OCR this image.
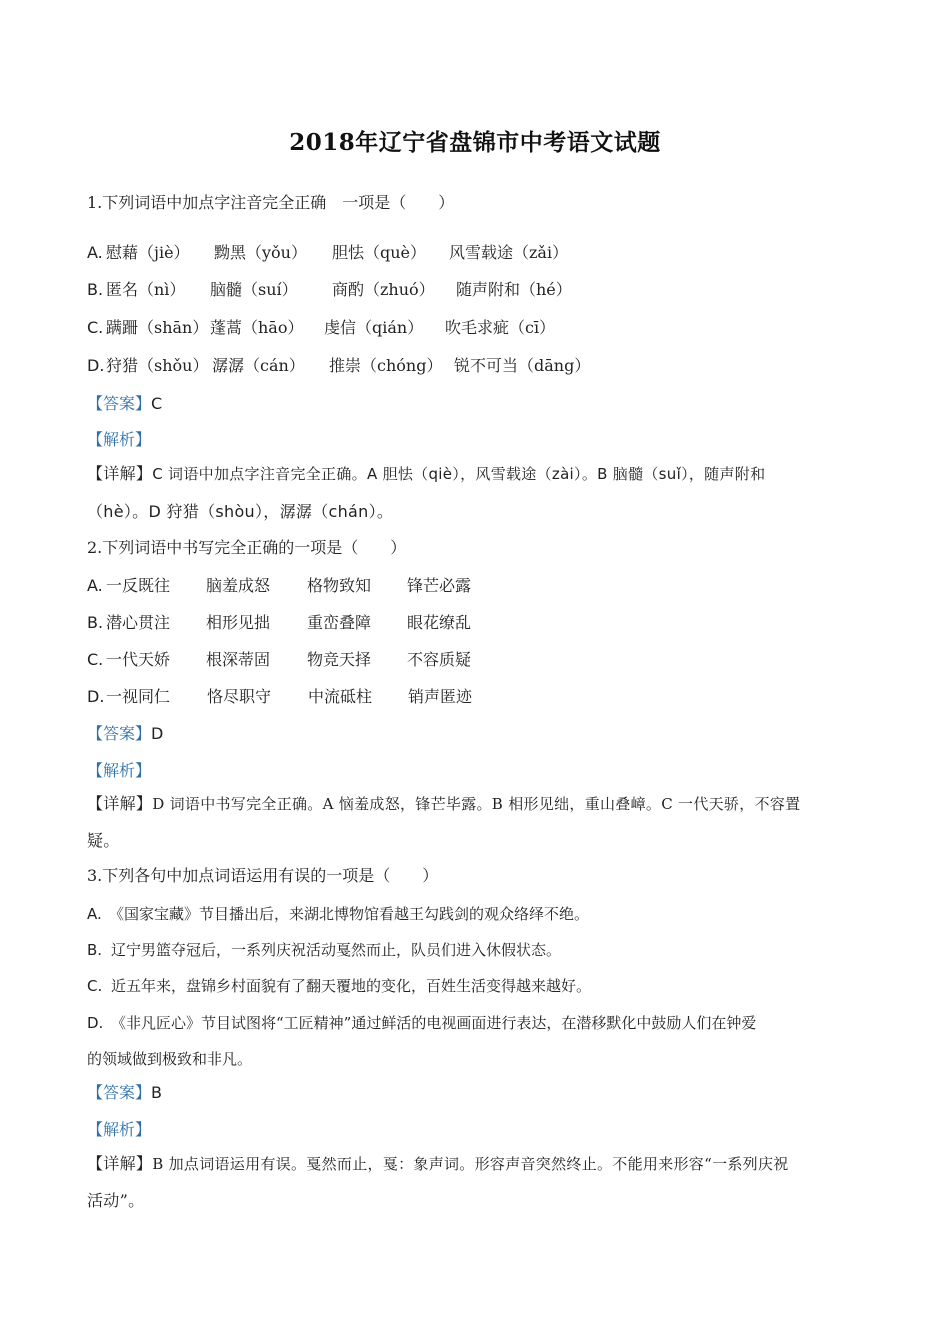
2018年辽宁省盘锦市中考语文试题
1.下列词语中加点字注音完全正确　一项是（　　）
A. 慰藉（jiè） 黝黑（yǒu） 胆怯（què） 风雪载途（zǎi）
B. 匿名（nì） 脑髓（suí） 商酌（zhuó） 随声附和（hé）
C. 蹒跚（shān） 蓬蒿（hāo） 虔信（qián） 吹毛求疵（cī）
D. 狩猎（shǒu） 潺潺（cán） 推崇（chóng） 锐不可当（dāng）
【答案】C
【解析】
【详解】C 词语中加点字注音完全正确。A 胆怯（qiè），风雪载途（zài）。B 脑髓（suǐ），随声附和
（hè）。D 狩猎（shòu），潺潺（chán）。
2.下列词语中书写完全正确的一项是（　　）
A. 一反既往 脑羞成怒 格物致知 锋芒必露
B. 潜心贯注 相形见拙 重峦叠障 眼花缭乱
C. 一代天娇 根深蒂固 物竞天择 不容质疑
D. 一视同仁 恪尽职守 中流砥柱 销声匿迹
【答案】D
【解析】
【详解】D 词语中书写完全正确。A 恼羞成怒，锋芒毕露。B 相形见绌，重山叠嶂。C 一代天骄，不容置
疑。
3.下列各句中加点词语运用有误的一项是（　　）
A. 《国家宝藏》节目播出后，来湖北博物馆看越王勾践剑的观众络绎不绝。
B. 辽宁男篮夺冠后，一系列庆祝活动戛然而止，队员们进入休假状态。
C. 近五年来，盘锦乡村面貌有了翻天覆地的变化，百姓生活变得越来越好。
D. 《非凡匠心》节目试图将“工匠精神”通过鲜活的电视画面进行表达，在潜移默化中鼓励人们在钟爱
的领域做到极致和非凡。
【答案】B
【解析】
【详解】B 加点词语运用有误。戛然而止，戛：象声词。形容声音突然终止。不能用来形容“一系列庆祝
活动”。
